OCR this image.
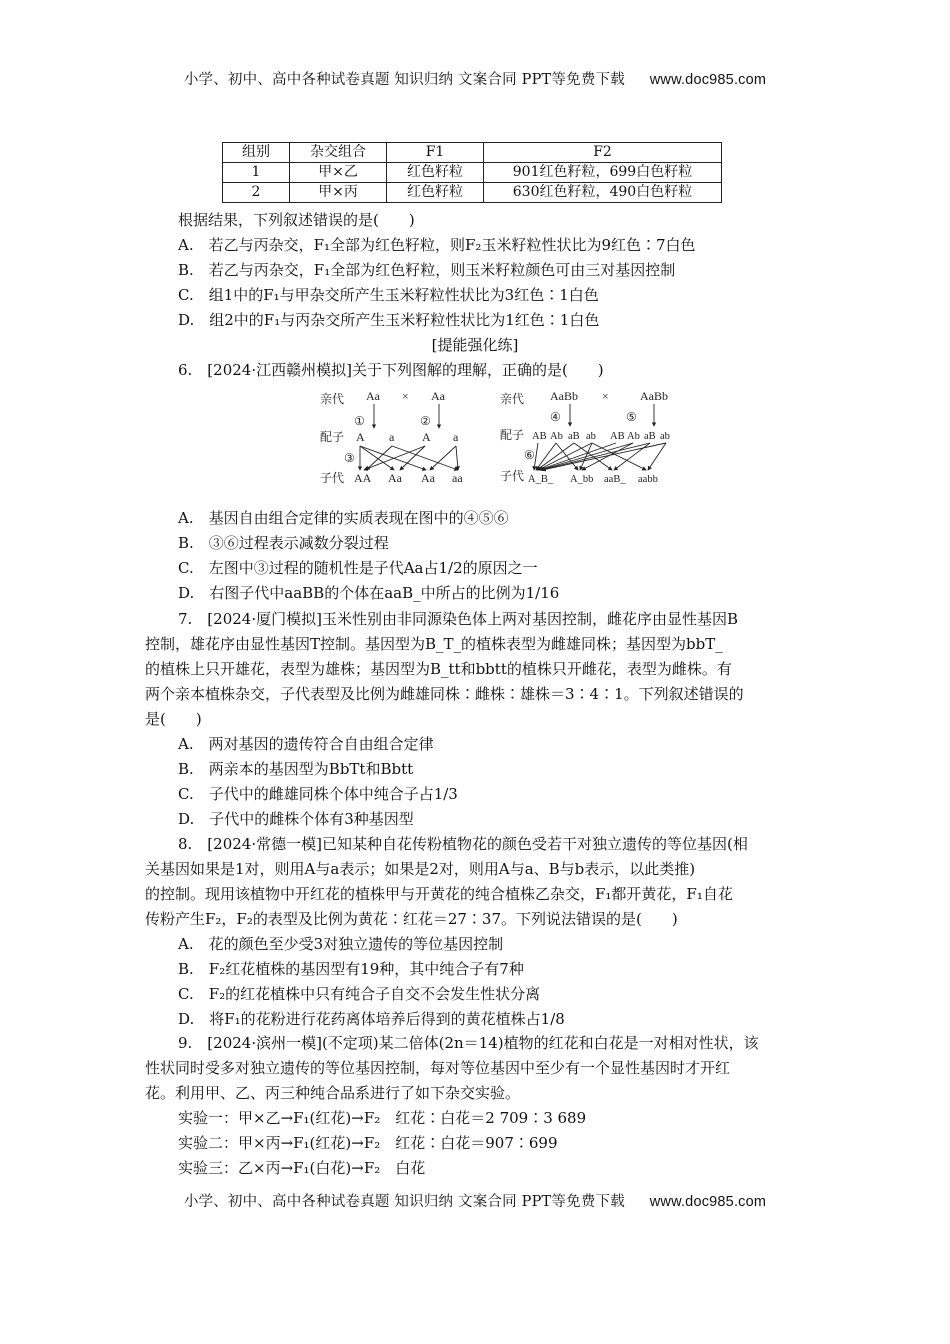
小学、初中、高中各种试卷真题 知识归纳 文案合同 PPT等免费下载 www.doc985.com
组别	杂交组合	F1	F2
1	甲×乙	红色籽粒	901红色籽粒，699白色籽粒
2	甲×丙	红色籽粒	630红色籽粒，490白色籽粒
根据结果，下列叙述错误的是(　　)
A.　若乙与丙杂交，F₁全部为红色籽粒，则F₂玉米籽粒性状比为9红色∶7白色
B.　若乙与丙杂交，F₁全部为红色籽粒，则玉米籽粒颜色可由三对基因控制
C.　组1中的F₁与甲杂交所产生玉米籽粒性状比为3红色∶1白色
D.　组2中的F₁与丙杂交所产生玉米籽粒性状比为1红色∶1白色
[提能强化练]
6.　[2024·江西赣州模拟]关于下列图解的理解，正确的是(　　)
亲代 Aa × Aa
①	②
配子 A a A a
③
子代 AA Aa Aa aa
亲代 AaBb ×	AaBb
④	⑤
配子 AB Ab aB ab AB Ab aB ab
A_B_ A_bb aaB_ aabb
⑥
子代
A.　基因自由组合定律的实质表现在图中的④⑤⑥
B.　③⑥过程表示减数分裂过程
C.　左图中③过程的随机性是子代Aa占1/2的原因之一
D.　右图子代中aaBB的个体在aaB_中所占的比例为1/16
7.　[2024·厦门模拟]玉米性别由非同源染色体上两对基因控制，雌花序由显性基因B
控制，雄花序由显性基因T控制。基因型为B_T_的植株表型为雌雄同株；基因型为bbT_
的植株上只开雄花，表型为雄株；基因型为B_tt和bbtt的植株只开雌花，表型为雌株。有
两个亲本植株杂交，子代表型及比例为雌雄同株∶雌株∶雄株＝3∶4∶1。下列叙述错误的
是(　　)
A.　两对基因的遗传符合自由组合定律
B.　两亲本的基因型为BbTt和Bbtt
C.　子代中的雌雄同株个体中纯合子占1/3
D.　子代中的雌株个体有3种基因型
8.　[2024·常德一模]已知某种自花传粉植物花的颜色受若干对独立遗传的等位基因(相
关基因如果是1对，则用A与a表示；如果是2对，则用A与a、B与b表示，以此类推)
的控制。现用该植物中开红花的植株甲与开黄花的纯合植株乙杂交，F₁都开黄花，F₁自花
传粉产生F₂，F₂的表型及比例为黄花∶红花＝27∶37。下列说法错误的是(　　)
A.　花的颜色至少受3对独立遗传的等位基因控制
B.　F₂红花植株的基因型有19种，其中纯合子有7种
C.　F₂的红花植株中只有纯合子自交不会发生性状分离
D.　将F₁的花粉进行花药离体培养后得到的黄花植株占1/8
9.　[2024·滨州一模](不定项)某二倍体(2n＝14)植物的红花和白花是一对相对性状，该
性状同时受多对独立遗传的等位基因控制，每对等位基因中至少有一个显性基因时才开红
花。利用甲、乙、丙三种纯合品系进行了如下杂交实验。
实验一：甲×乙→F₁(红花)→F₂　红花∶白花＝2 709∶3 689
实验二：甲×丙→F₁(红花)→F₂　红花∶白花＝907∶699
实验三：乙×丙→F₁(白花)→F₂　白花
小学、初中、高中各种试卷真题 知识归纳 文案合同 PPT等免费下载 www.doc985.com
